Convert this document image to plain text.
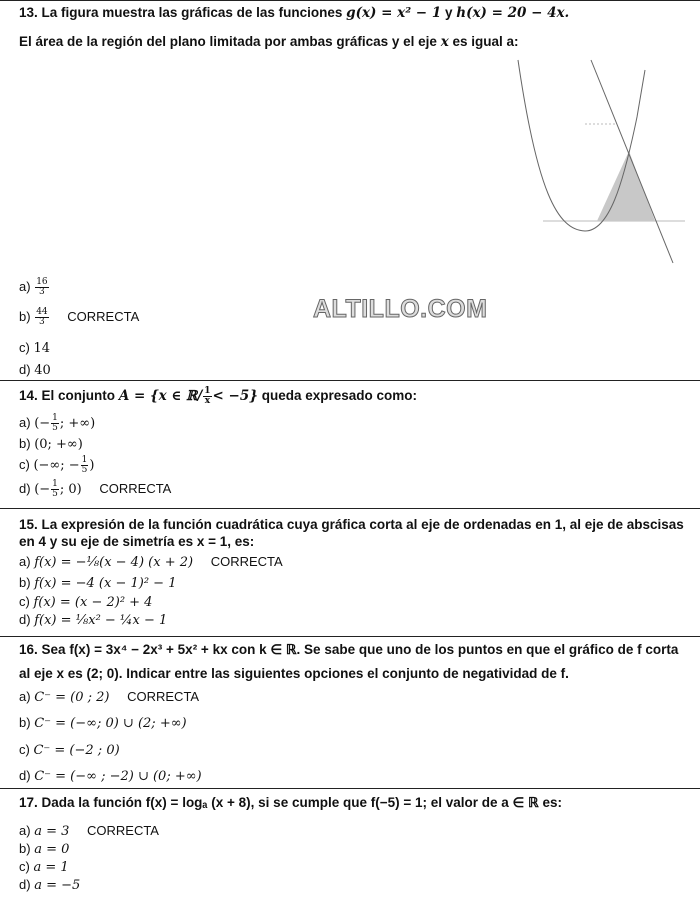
13. La figura muestra las gráficas de las funciones g(x) = x² − 1 y h(x) = 20 − 4x.
El área de la región del plano limitada por ambas gráficas y el eje x es igual a:
$a) \frac{16}{3}$
$b) \frac{44}{3}$ CORRECTA
c) 14
d) 40
ALTILLO.COM
14. El conjunto A = {x ∈ ℝ/ $\frac{1}{x} < -5$} queda expresado como:
a) (− $\frac{1}{5}$ ; +∞)
b) (0; +∞)
c) (−∞; − $\frac{1}{5}$ )
d) (− $\frac{1}{5}$ ; 0) CORRECTA
15. La expresión de la función cuadrática cuya gráfica corta al eje de ordenadas en 1, al eje de abscisas
en 4 y su eje de simetría es x = 1, es:
a) f(x) = −⅛(x − 4) (x + 2) CORRECTA
b) f(x) = −4 (x − 1)² − 1
c) f(x) = (x − 2)² + 4
d) f(x) = ⅛x² − ¼x − 1
16. Sea f(x) = 3x⁴ − 2x³ + 5x² + kx con k ∈ ℝ. Se sabe que uno de los puntos en que el gráfico de f corta
al eje x es (2; 0). Indicar entre las siguientes opciones el conjunto de negatividad de f.
a) C⁻ = (0 ; 2) CORRECTA
b) C⁻ = (−∞; 0) ∪ (2; +∞)
c) C⁻ = (−2 ; 0)
d) C⁻ = (−∞ ; −2) ∪ (0; +∞)
17. Dada la función f(x) = logₐ (x + 8), si se cumple que f(−5) = 1; el valor de a ∈ ℝ es:
a) a = 3 CORRECTA
b) a = 0
c) a = 1
d) a = −5
